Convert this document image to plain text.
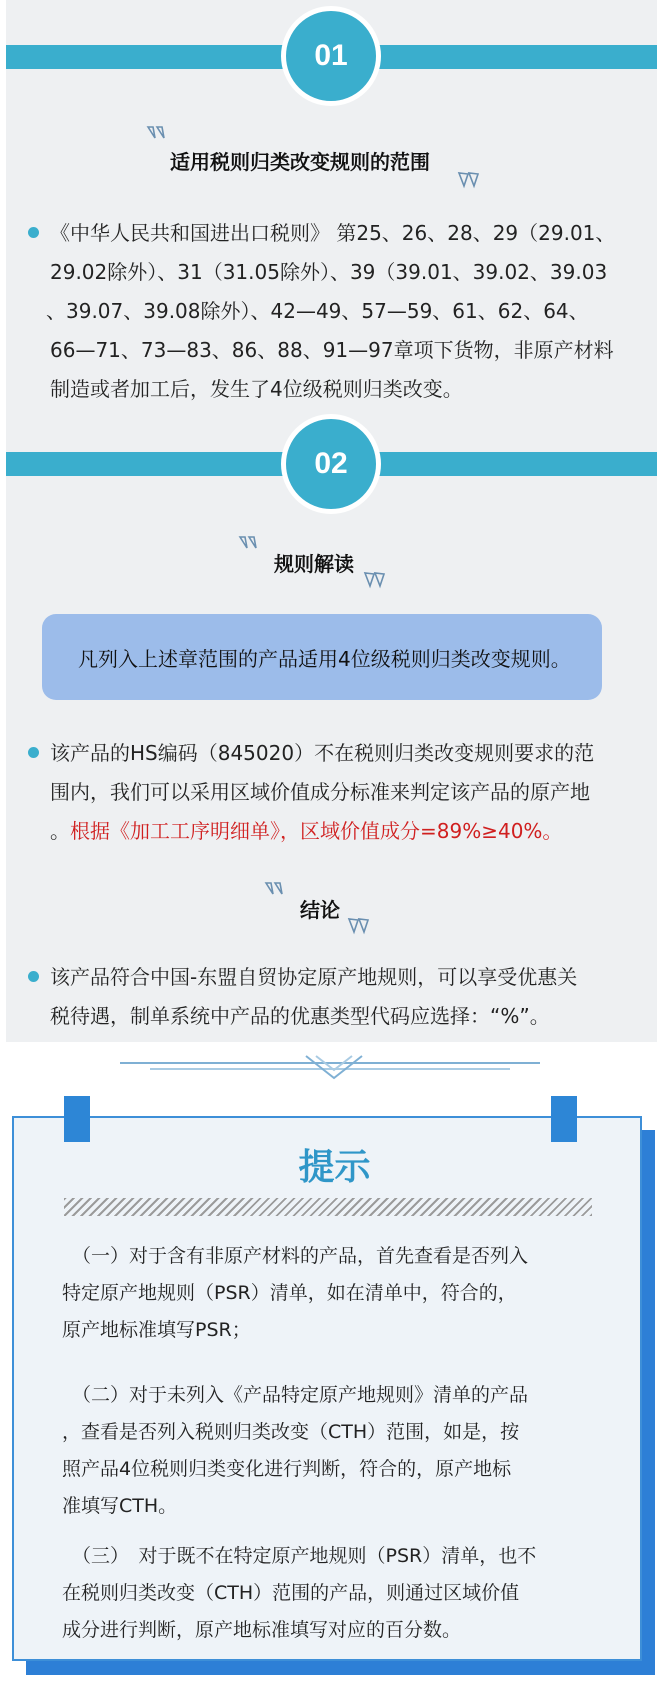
01
适用税则归类改变规则的范围
《中华人民共和国进出口税则》 第25、26、28、29（29.01、
29.02除外）、31（31.05除外）、39（39.01、39.02、39.03
、39.07、39.08除外）、42—49、57—59、61、62、64、
66—71、73—83、86、88、91—97章项下货物，非原产材料
制造或者加工后，发生了4位级税则归类改变。
02
规则解读
凡列入上述章范围的产品适用4位级税则归类改变规则。
该产品的HS编码（845020）不在税则归类改变规则要求的范
围内，我们可以采用区域价值成分标准来判定该产品的原产地
。根据《加工工序明细单》，区域价值成分=89%≥40%。
结论
该产品符合中国-东盟自贸协定原产地规则，可以享受优惠关
税待遇，制单系统中产品的优惠类型代码应选择：“%”。
提示
（一）对于含有非原产材料的产品，首先查看是否列入
特定原产地规则（PSR）清单，如在清单中，符合的，
原产地标准填写PSR；
（二）对于未列入《产品特定原产地规则》清单的产品
，查看是否列入税则归类改变（CTH）范围，如是，按
照产品4位税则归类变化进行判断，符合的，原产地标
准填写CTH。
（三）　对于既不在特定原产地规则（PSR）清单，也不
在税则归类改变（CTH）范围的产品，则通过区域价值
成分进行判断，原产地标准填写对应的百分数。
